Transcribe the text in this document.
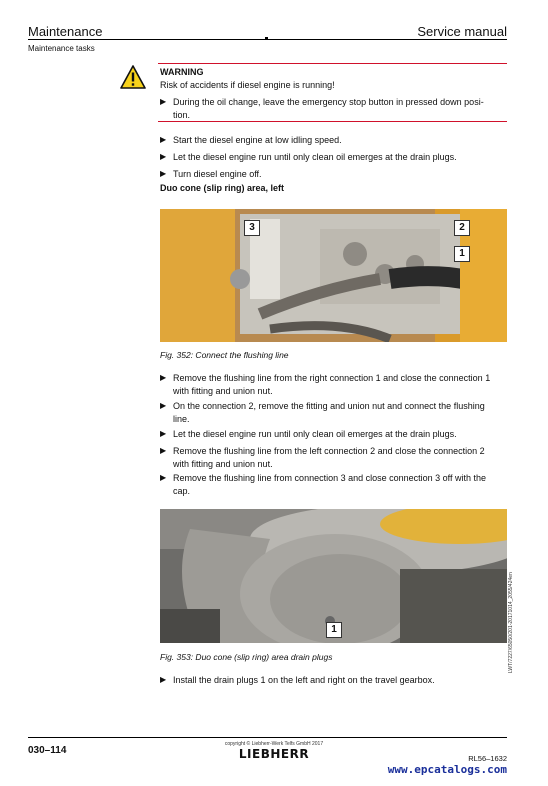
Maintenance	Service manual
Maintenance tasks
WARNING
Risk of accidents if diesel engine is running!
▶ During the oil change, leave the emergency stop button in pressed down posi-
tion.
▶ Start the diesel engine at low idling speed.
▶ Let the diesel engine run until only clean oil emerges at the drain plugs.
▶ Turn diesel engine off.
Duo cone (slip ring) area, left
3	2
1
Fig. 352: Connect the flushing line
▶ Remove the flushing line from the right connection 1 and close the connection 1
with fitting and union nut.
▶ On the connection 2, remove the fitting and union nut and connect the flushing
line.
▶ Let the diesel engine run until only clean oil emerges at the drain plugs.
▶ Remove the flushing line from the left connection 2 and close the connection 2
with fitting and union nut.
▶ Remove the flushing line from connection 3 and close connection 3 off with the
cap.
1	LWT/7227/65050/201-20171014_2055/424en
Fig. 353: Duo cone (slip ring) area drain plugs
▶ Install the drain plugs 1 on the left and right on the travel gearbox.
030–114
copyright © Liebherr-Werk Telfs GmbH 2017
LIEBHERR	RL56–1632
www.epcatalogs.com
